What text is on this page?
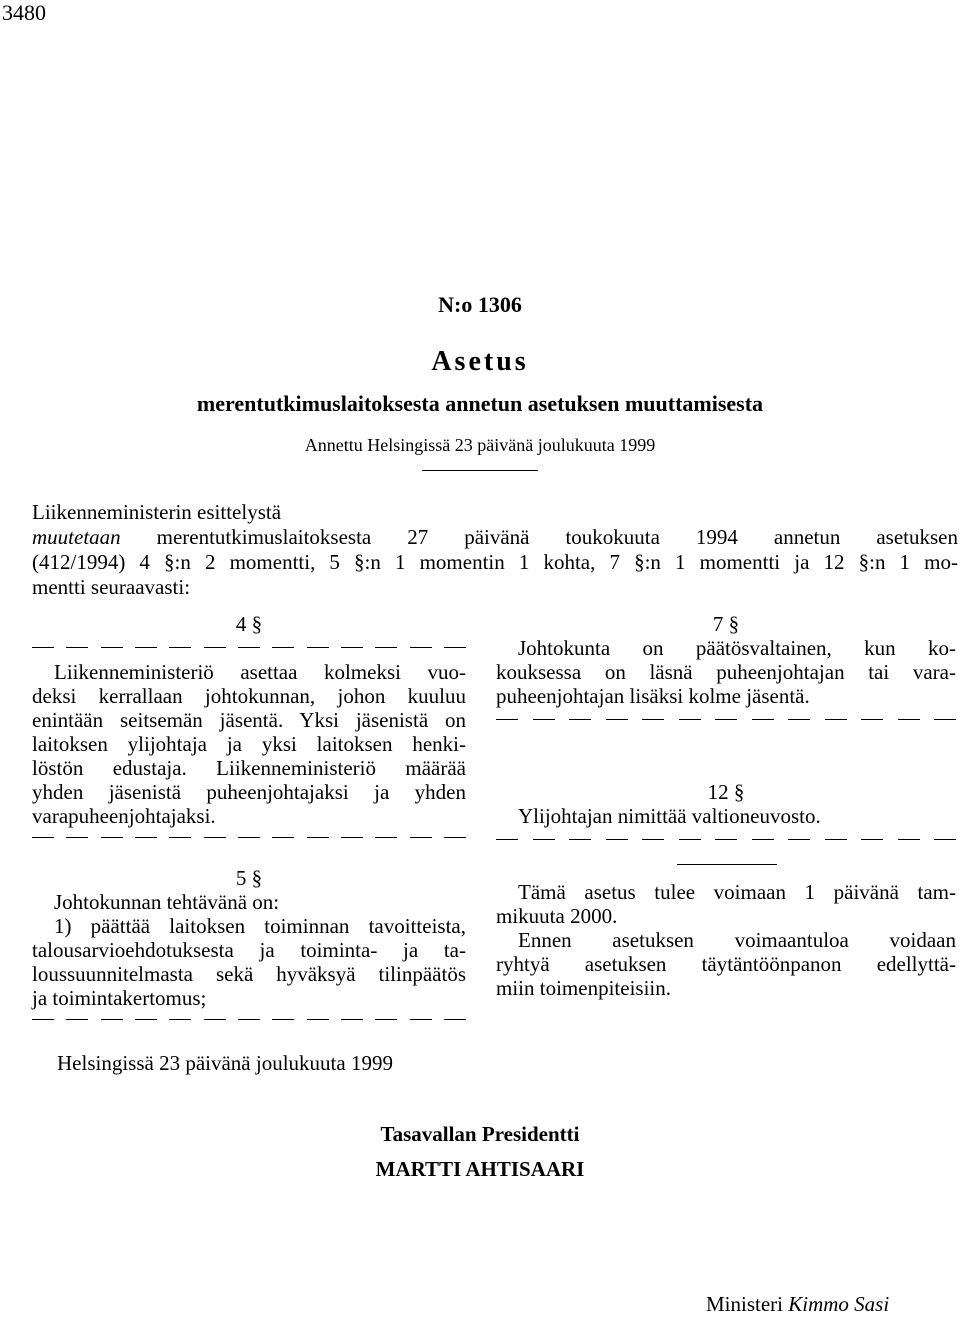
3480
N:o 1306
Asetus
merentutkimuslaitoksesta annetun asetuksen muuttamisesta
Annettu Helsingissä 23 päivänä joulukuuta 1999

Liikenneministerin esittelystä

muutetaan merentutkimuslaitoksesta 27 päivänä toukokuuta 1994 annetun asetuksen

(412/1994) 4 §:n 2 momentti, 5 §:n 1 momentin 1 kohta, 7 §:n 1 momentti ja 12 §:n 1 mo-

mentti seuraavasti:

4 §

Liikenneministeriö asettaa kolmeksi vuo-

deksi kerrallaan johtokunnan, johon kuuluu

enintään seitsemän jäsentä. Yksi jäsenistä on

laitoksen ylijohtaja ja yksi laitoksen henki-

löstön edustaja. Liikenneministeriö määrää

yhden jäsenistä puheenjohtajaksi ja yhden

varapuheenjohtajaksi.

5 §

Johtokunnan tehtävänä on:

1) päättää laitoksen toiminnan tavoitteista,

talousarvioehdotuksesta ja toiminta- ja ta-

loussuunnitelmasta sekä hyväksyä tilinpäätös

ja toimintakertomus;

7 §

Johtokunta on päätösvaltainen, kun ko-

kouksessa on läsnä puheenjohtajan tai vara-

puheenjohtajan lisäksi kolme jäsentä.

12 §

Ylijohtajan nimittää valtioneuvosto.

Tämä asetus tulee voimaan 1 päivänä tam-

mikuuta 2000.

Ennen asetuksen voimaantuloa voidaan

ryhtyä asetuksen täytäntöönpanon edellyttä-

miin toimenpiteisiin.

Helsingissä 23 päivänä joulukuuta 1999
Tasavallan Presidentti
MARTTI AHTISAARI
Ministeri Kimmo Sasi
